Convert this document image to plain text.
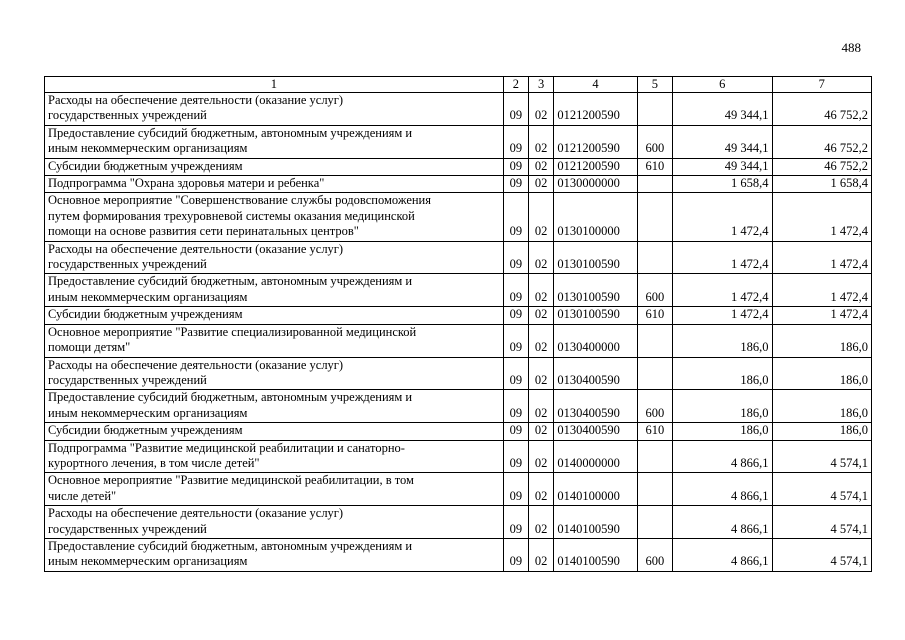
488
1	2	3	4	5	6	7
Расходы на обеспечение деятельности (оказание услуг)
государственных учреждений	09	02	0121200590		49 344,1	46 752,2
Предоставление субсидий бюджетным, автономным учреждениям и
иным некоммерческим организациям	09	02	0121200590	600	49 344,1	46 752,2
Субсидии бюджетным учреждениям	09	02	0121200590	610	49 344,1	46 752,2
Подпрограмма "Охрана здоровья матери и ребенка"	09	02	0130000000		1 658,4	1 658,4
Основное мероприятие "Совершенствование службы родовспоможения
путем формирования трехуровневой системы оказания медицинской
помощи на основе развития сети перинатальных центров"	09	02	0130100000		1 472,4	1 472,4
Расходы на обеспечение деятельности (оказание услуг)
государственных учреждений	09	02	0130100590		1 472,4	1 472,4
Предоставление субсидий бюджетным, автономным учреждениям и
иным некоммерческим организациям	09	02	0130100590	600	1 472,4	1 472,4
Субсидии бюджетным учреждениям	09	02	0130100590	610	1 472,4	1 472,4
Основное мероприятие "Развитие специализированной медицинской
помощи детям"	09	02	0130400000		186,0	186,0
Расходы на обеспечение деятельности (оказание услуг)
государственных учреждений	09	02	0130400590		186,0	186,0
Предоставление субсидий бюджетным, автономным учреждениям и
иным некоммерческим организациям	09	02	0130400590	600	186,0	186,0
Субсидии бюджетным учреждениям	09	02	0130400590	610	186,0	186,0
Подпрограмма "Развитие медицинской реабилитации и санаторно-
курортного лечения, в том числе детей"	09	02	0140000000		4 866,1	4 574,1
Основное мероприятие "Развитие медицинской реабилитации, в том
числе детей"	09	02	0140100000		4 866,1	4 574,1
Расходы на обеспечение деятельности (оказание услуг)
государственных учреждений	09	02	0140100590		4 866,1	4 574,1
Предоставление субсидий бюджетным, автономным учреждениям и
иным некоммерческим организациям	09	02	0140100590	600	4 866,1	4 574,1
